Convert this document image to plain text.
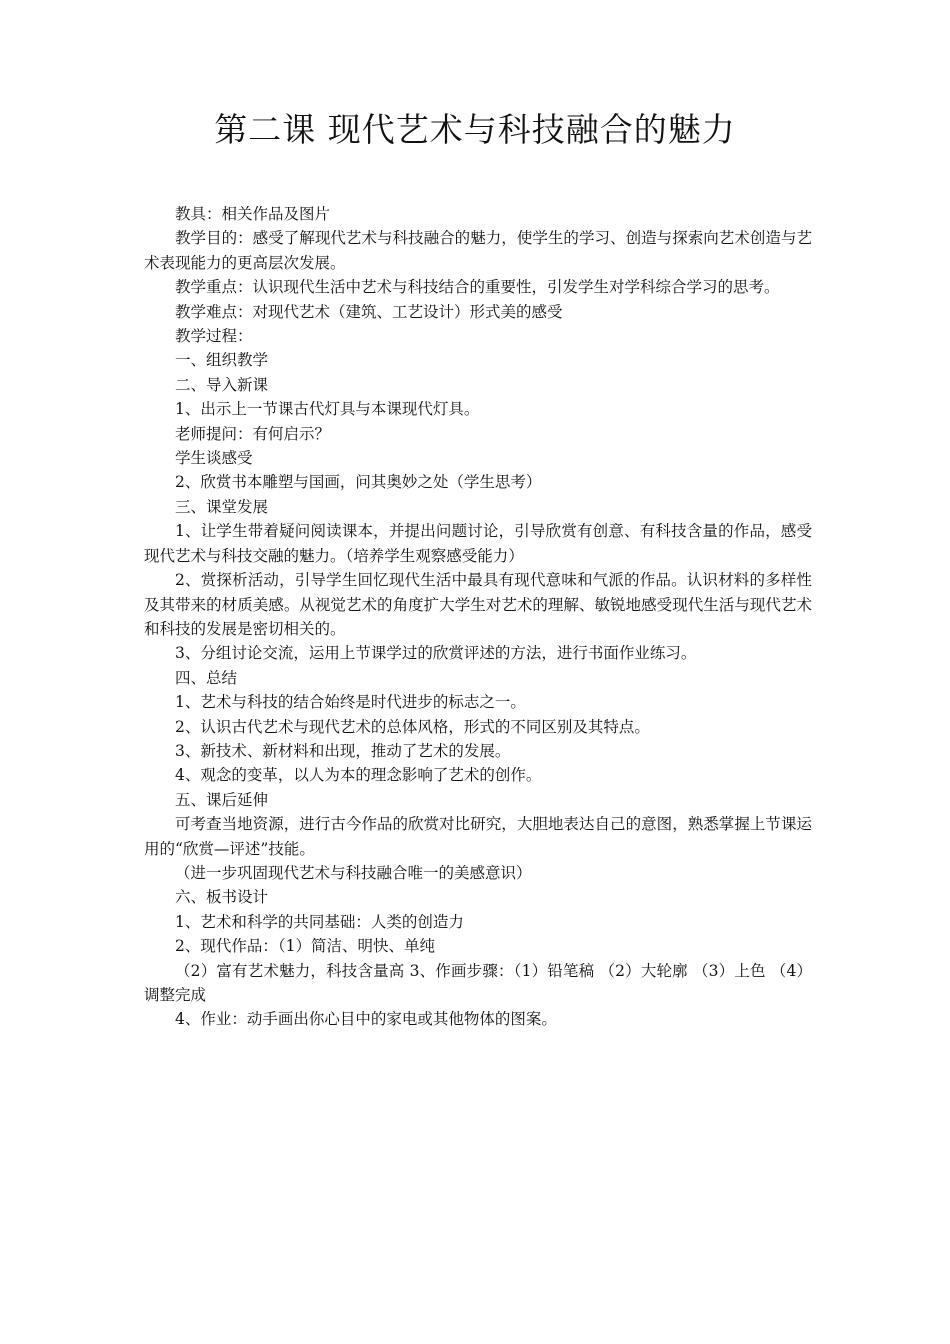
第二课 现代艺术与科技融合的魅力

教具：相关作品及图片

教学目的：感受了解现代艺术与科技融合的魅力，使学生的学习、创造与探索向艺术创造与艺术表现能力的更高层次发展。

教学重点：认识现代生活中艺术与科技结合的重要性，引发学生对学科综合学习的思考。

教学难点：对现代艺术（建筑、工艺设计）形式美的感受

教学过程：

一、组织教学

二、导入新课

1、出示上一节课古代灯具与本课现代灯具。

老师提问：有何启示？

学生谈感受

2、欣赏书本雕塑与国画，问其奥妙之处（学生思考）

三、课堂发展

1、让学生带着疑问阅读课本，并提出问题讨论，引导欣赏有创意、有科技含量的作品，感受现代艺术与科技交融的魅力。（培养学生观察感受能力）

2、赏探析活动，引导学生回忆现代生活中最具有现代意味和气派的作品。认识材料的多样性及其带来的材质美感。从视觉艺术的角度扩大学生对艺术的理解、敏锐地感受现代生活与现代艺术和科技的发展是密切相关的。

3、分组讨论交流，运用上节课学过的欣赏评述的方法，进行书面作业练习。

四、总结

1、艺术与科技的结合始终是时代进步的标志之一。

2、认识古代艺术与现代艺术的总体风格，形式的不同区别及其特点。

3、新技术、新材料和出现，推动了艺术的发展。

4、观念的变革，以人为本的理念影响了艺术的创作。

五、课后延伸

可考查当地资源，进行古今作品的欣赏对比研究，大胆地表达自己的意图，熟悉掌握上节课运用的“欣赏—评述”技能。

（进一步巩固现代艺术与科技融合唯一的美感意识）

六、板书设计

1、艺术和科学的共同基础：人类的创造力

2、现代作品：（1）简洁、明快、单纯

（2）富有艺术魅力，科技含量高 3、作画步骤：（1）铅笔稿 （2）大轮廓 （3）上色 （4）调整完成

4、作业：动手画出你心目中的家电或其他物体的图案。
